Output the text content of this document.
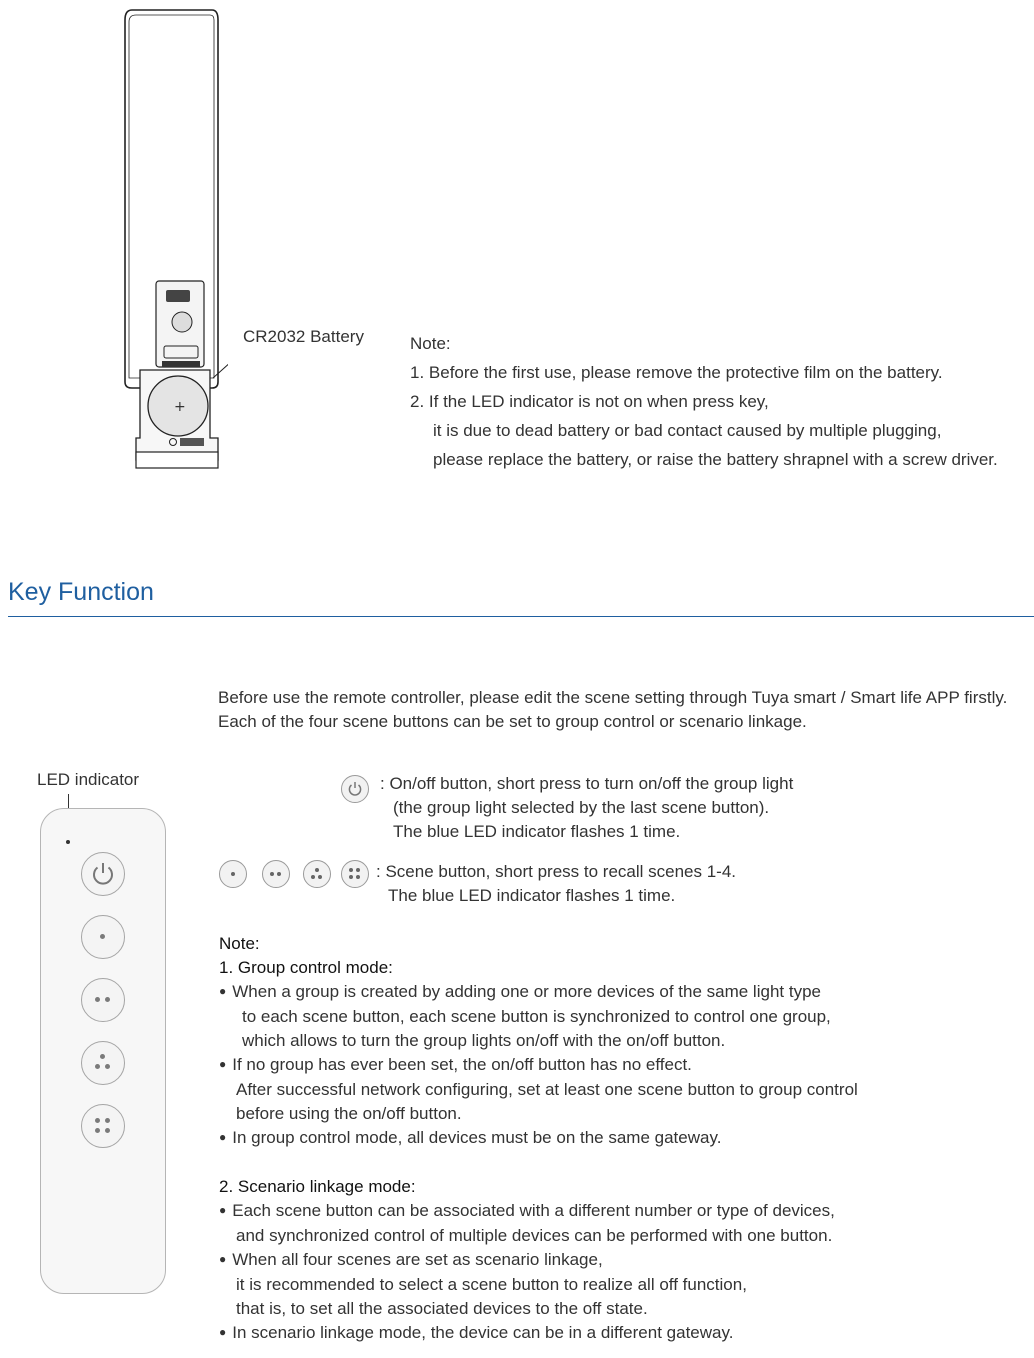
+
CR2032 Battery	Note:
1. Before the first use, please remove the protective film on the battery.
2. If the LED indicator is not on when press key,
it is due to dead battery or bad contact caused by multiple plugging,
please replace the battery, or raise the battery shrapnel with a screw driver.
Key Function
Before use the remote controller, please edit the scene setting through Tuya smart / Smart life APP firstly.
Each of the four scene buttons can be set to group control or scenario linkage.
LED indicator	: On/off button, short press to turn on/off the group light
(the group light selected by the last scene button).
The blue LED indicator flashes 1 time.
: Scene button, short press to recall scenes 1-4.
The blue LED indicator flashes 1 time.
Note:
1. Group control mode:
● When a group is created by adding one or more devices of the same light type
to each scene button, each scene button is synchronized to control one group,
which allows to turn the group lights on/off with the on/off button.
● If no group has ever been set, the on/off button has no effect.
After successful network configuring, set at least one scene button to group control
before using the on/off button.
● In group control mode, all devices must be on the same gateway.
2. Scenario linkage mode:
● Each scene button can be associated with a different number or type of devices,
and synchronized control of multiple devices can be performed with one button.
● When all four scenes are set as scenario linkage,
it is recommended to select a scene button to realize all off function,
that is, to set all the associated devices to the off state.
● In scenario linkage mode, the device can be in a different gateway.
